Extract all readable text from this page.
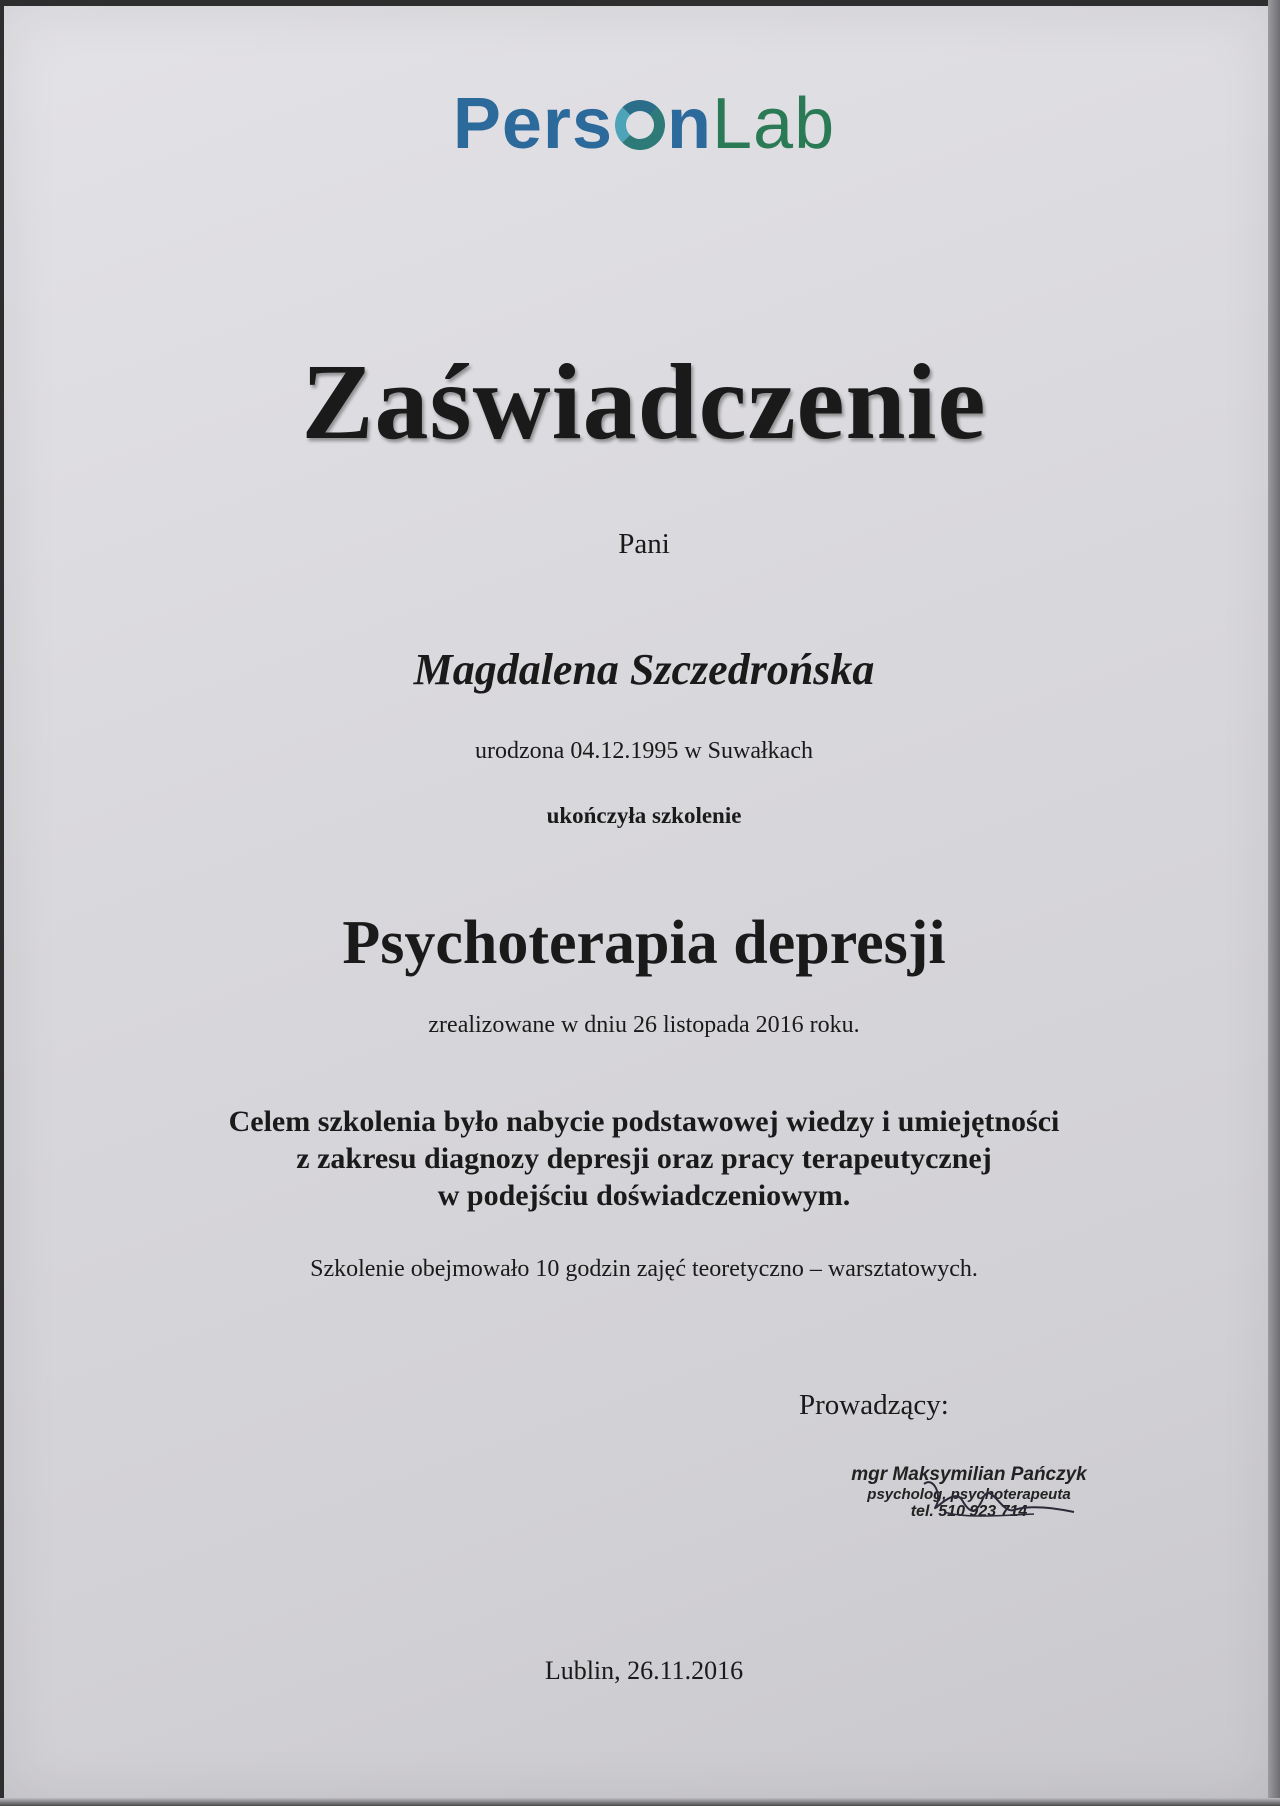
Pers nLab
Zaświadczenie
Pani
Magdalena Szczedrońska
urodzona 04.12.1995 w Suwałkach
ukończyła szkolenie
Psychoterapia depresji
zrealizowane w dniu 26 listopada 2016 roku.
Celem szkolenia było nabycie podstawowej wiedzy i umiejętności
z zakresu diagnozy depresji oraz pracy terapeutycznej
w podejściu doświadczeniowym.
Szkolenie obejmowało 10 godzin zajęć teoretyczno – warsztatowych.
Prowadzący:
mgr Maksymilian Pańczyk
psycholog, psychoterapeuta
tel. 510 923 714
Lublin, 26.11.2016
